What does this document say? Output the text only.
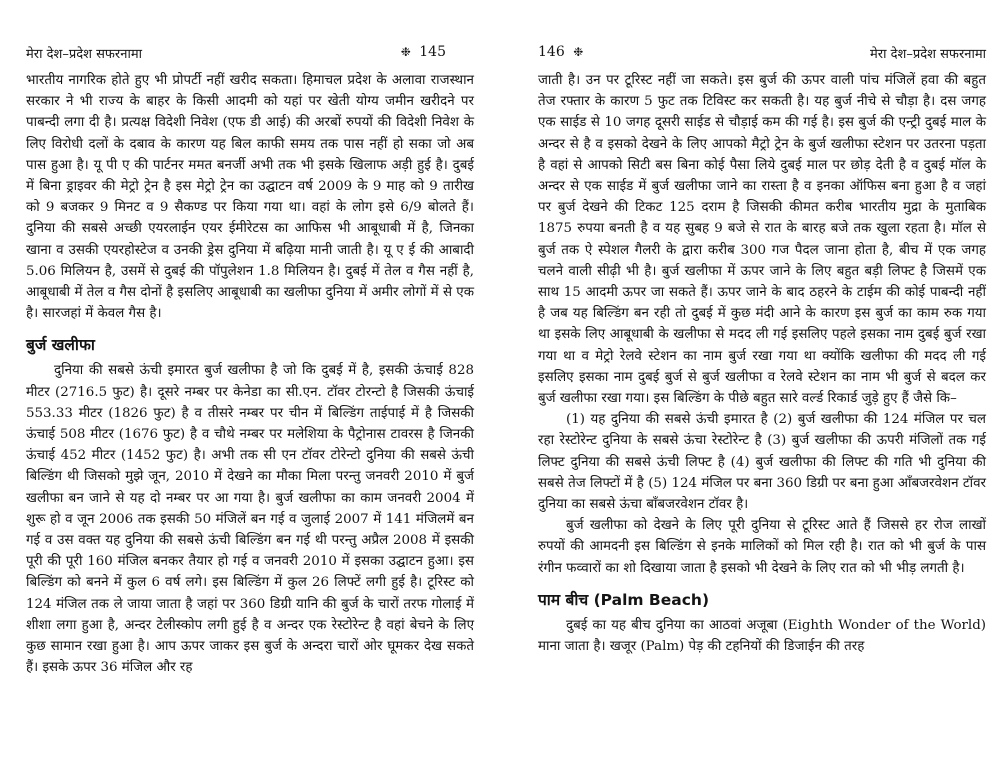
मेरा देश–प्रदेश सफरनामा	❉ 145

भारतीय नागरिक होते हुए भी प्रोपर्टी नहीं खरीद सकता। हिमाचल प्रदेश के अलावा राजस्थान सरकार ने भी राज्य के बाहर के किसी आदमी को यहां पर खेती योग्य जमीन खरीदने पर पाबन्दी लगा दी है। प्रत्यक्ष विदेशी निवेश (एफ डी आई) की अरबों रुपयों की विदेशी निवेश के लिए विरोधी दलों के दबाव के कारण यह बिल काफी समय तक पास नहीं हो सका जो अब पास हुआ है। यू पी ए की पार्टनर ममत बनर्जी अभी तक भी इसके खिलाफ अड़ी हुई है। दुबई में बिना ड्राइवर की मेट्रो ट्रेन है इस मेट्रो ट्रेन का उद्घाटन वर्ष 2009 के 9 माह को 9 तारीख को 9 बजकर 9 मिनट व 9 सैकण्ड पर किया गया था। वहां के लोग इसे 6/9 बोलते हैं। दुनिया की सबसे अच्छी एयरलाईन एयर ईमीरेटस का आफिस भी आबूधाबी में है, जिनका खाना व उसकी एयरहोस्टेज व उनकी ड्रेस दुनिया में बढ़िया मानी जाती है। यू ए ई की आबादी 5.06 मिलियन है, उसमें से दुबई की पॉपुलेशन 1.8 मिलियन है। दुबई में तेल व गैस नहीं है, आबूधाबी में तेल व गैस दोनों है इसलिए आबूधाबी का खलीफा दुनिया में अमीर लोगों में से एक है। सारजहां में केवल गैस है।

बुर्ज खलीफा

दुनिया की सबसे ऊंची इमारत बुर्ज खलीफा है जो कि दुबई में है, इसकी ऊंचाई 828 मीटर (2716.5 फुट) है। दूसरे नम्बर पर केनेडा का सी.एन. टॉवर टोरन्टो है जिसकी ऊंचाई 553.33 मीटर (1826 फुट) है व तीसरे नम्बर पर चीन में बिल्डिंग ताईपाई में है जिसकी ऊंचाई 508 मीटर (1676 फुट) है व चौथे नम्बर पर मलेशिया के पैट्रोनास टावरस है जिनकी ऊंचाई 452 मीटर (1452 फुट) है। अभी तक सी एन टॉवर टोरेन्टो दुनिया की सबसे ऊंची बिल्डिंग थी जिसको मुझे जून, 2010 में देखने का मौका मिला परन्तु जनवरी 2010 में बुर्ज खलीफा बन जाने से यह दो नम्बर पर आ गया है। बुर्ज खलीफा का काम जनवरी 2004 में शुरू हो व जून 2006 तक इसकी 50 मंजिलें बन गई व जुलाई 2007 में 141 मंजिलमें बन गई व उस वक्त यह दुनिया की सबसे ऊंची बिल्डिंग बन गई थी परन्तु अप्रैल 2008 में इसकी पूरी की पूरी 160 मंजिल बनकर तैयार हो गई व जनवरी 2010 में इसका उद्घाटन हुआ। इस बिल्डिंग को बनने में कुल 6 वर्ष लगे। इस बिल्डिंग में कुल 26 लिफ्टें लगी हुई है। टूरिस्ट को 124 मंजिल तक ले जाया जाता है जहां पर 360 डिग्री यानि की बुर्ज के चारों तरफ गोलाई में शीशा लगा हुआ है, अन्दर टेलीस्कोप लगी हुई है व अन्दर एक रेस्टोरेन्ट है वहां बेचने के लिए कुछ सामान रखा हुआ है। आप ऊपर जाकर इस बुर्ज के अन्दरा चारों ओर घूमकर देख सकते हैं। इसके ऊपर 36 मंजिल और रह

146 ❉	मेरा देश–प्रदेश सफरनामा

जाती है। उन पर टूरिस्ट नहीं जा सकते। इस बुर्ज की ऊपर वाली पांच मंजिलें हवा की बहुत तेज रफ्तार के कारण 5 फुट तक टिविस्ट कर सकती है। यह बुर्ज नीचे से चौड़ा है। दस जगह एक साईड से 10 जगह दूसरी साईड से चौड़ाई कम की गई है। इस बुर्ज की एन्ट्री दुबई माल के अन्दर से है व इसको देखने के लिए आपको मैट्रो ट्रेन के बुर्ज खलीफा स्टेशन पर उतरना पड़ता है वहां से आपको सिटी बस बिना कोई पैसा लिये दुबई माल पर छोड़ देती है व दुबई मॉल के अन्दर से एक साईड में बुर्ज खलीफा जाने का रास्ता है व इनका ऑफिस बना हुआ है व जहां पर बुर्ज देखने की टिकट 125 दराम है जिसकी कीमत करीब भारतीय मुद्रा के मुताबिक 1875 रुपया बनती है व यह सुबह 9 बजे से रात के बारह बजे तक खुला रहता है। मॉल से बुर्ज तक ऐ स्पेशल गैलरी के द्वारा करीब 300 गज पैदल जाना होता है, बीच में एक जगह चलने वाली सीढ़ी भी है। बुर्ज खलीफा में ऊपर जाने के लिए बहुत बड़ी लिफ्ट है जिसमें एक साथ 15 आदमी ऊपर जा सकते हैं। ऊपर जाने के बाद ठहरने के टाईम की कोई पाबन्दी नहीं है जब यह बिल्डिंग बन रही तो दुबई में कुछ मंदी आने के कारण इस बुर्ज का काम रुक गया था इसके लिए आबूधाबी के खलीफा से मदद ली गई इसलिए पहले इसका नाम दुबई बुर्ज रखा गया था व मेट्रो रेलवे स्टेशन का नाम बुर्ज रखा गया था क्योंकि खलीफा की मदद ली गई इसलिए इसका नाम दुबई बुर्ज से बुर्ज खलीफा व रेलवे स्टेशन का नाम भी बुर्ज से बदल कर बुर्ज खलीफा रखा गया। इस बिल्डिंग के पीछे बहुत सारे वर्ल्ड रिकार्ड जुड़े हुए हैं जैसे कि–

(1) यह दुनिया की सबसे ऊंची इमारत है (2) बुर्ज खलीफा की 124 मंजिल पर चल रहा रेस्टोरेन्ट दुनिया के सबसे ऊंचा रेस्टोरेन्ट है (3) बुर्ज खलीफा की ऊपरी मंजिलों तक गई लिफ्ट दुनिया की सबसे ऊंची लिफ्ट है (4) बुर्ज खलीफा की लिफ्ट की गति भी दुनिया की सबसे तेज लिफ्टों में है (5) 124 मंजिल पर बना 360 डिग्री पर बना हुआ आँबजरवेशन टॉवर दुनिया का सबसे ऊंचा बाँबजरवेशन टॉवर है।

बुर्ज खलीफा को देखने के लिए पूरी दुनिया से टूरिस्ट आते हैं जिससे हर रोज लाखों रुपयों की आमदनी इस बिल्डिंग से इनके मालिकों को मिल रही है। रात को भी बुर्ज के पास रंगीन फव्वारों का शो दिखाया जाता है इसको भी देखने के लिए रात को भी भीड़ लगती है।

पाम बीच (Palm Beach)

दुबई का यह बीच दुनिया का आठवां अजूबा (Eighth Wonder of the World) माना जाता है। खजूर (Palm) पेड़ की टहनियों की डिजाईन की तरह
